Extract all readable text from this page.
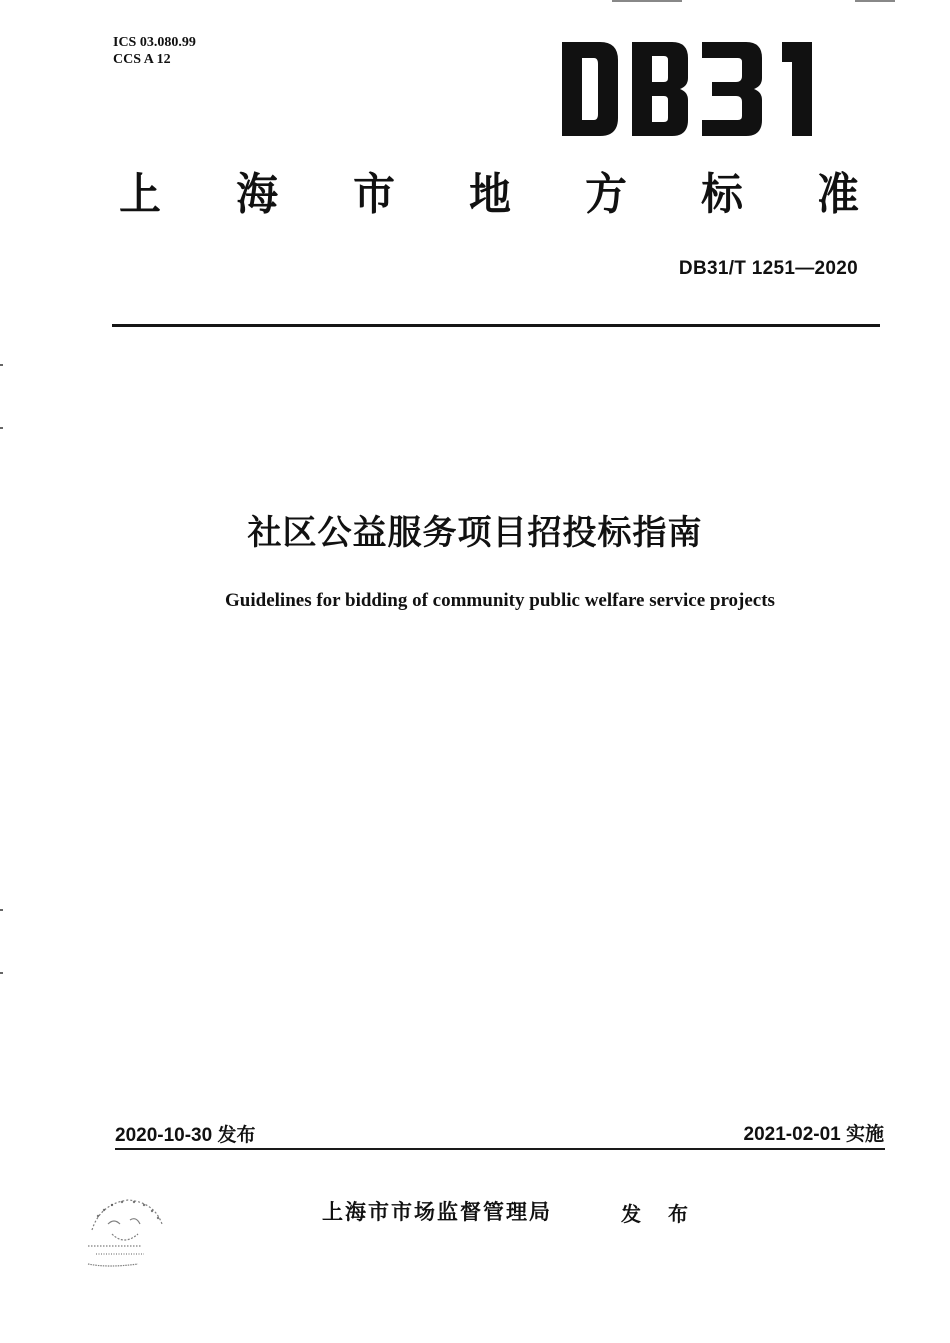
ICS 03.080.99
CCS A 12
上 海 市 地 方 标 准
DB31/T 1251—2020
社区公益服务项目招投标指南
Guidelines for bidding of community public welfare service projects
2020-10-30 发布	2021-02-01 实施
上海市市场监督管理局	发 布
